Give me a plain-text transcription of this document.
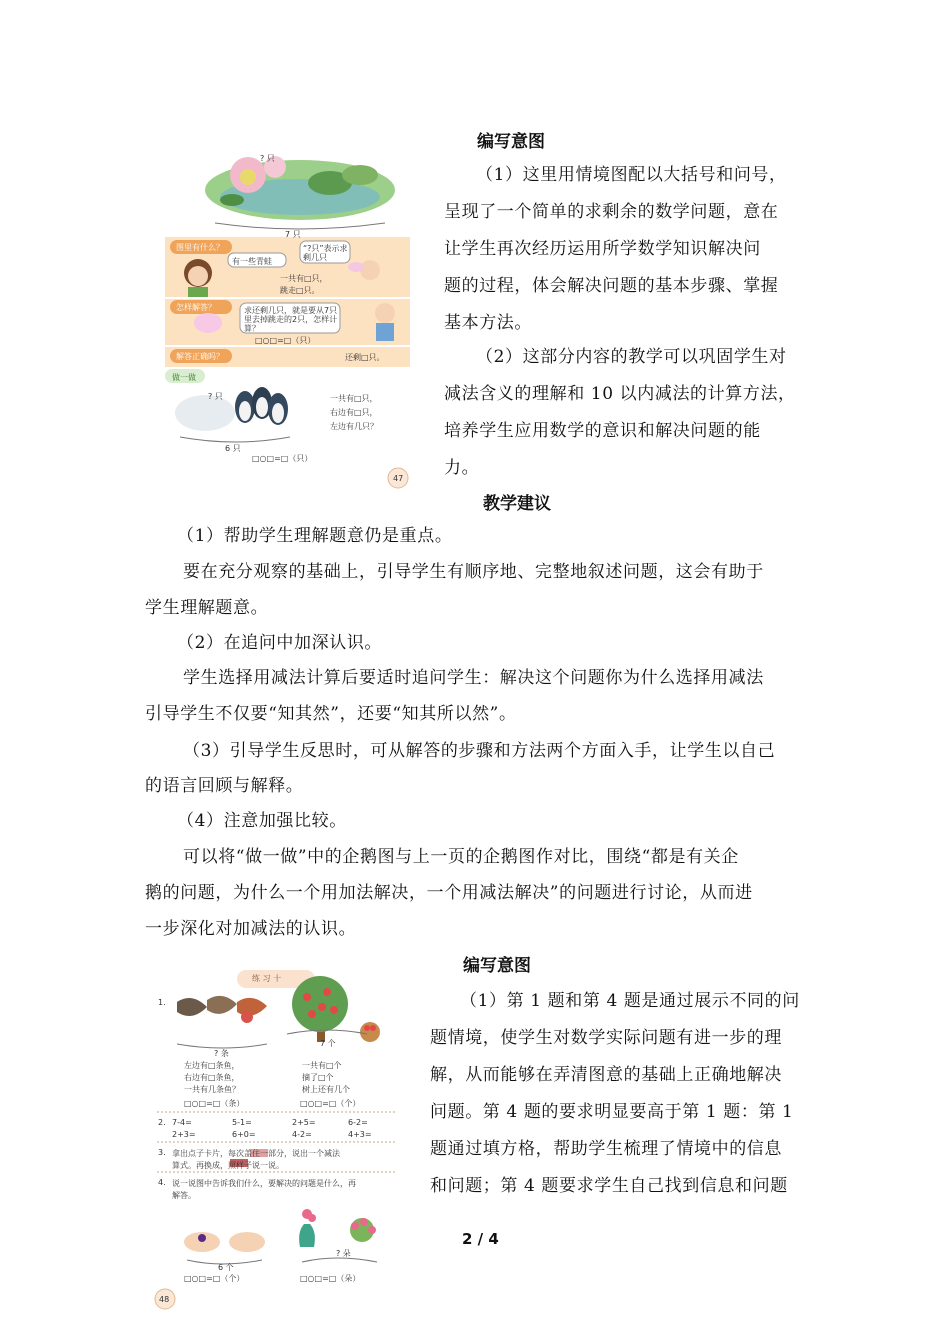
? 只
7 只
图里有什么？
怎样解答？
解答正确吗？
有一些青蛙
“?只”表示求剩几只
求还剩几只，就是要从7只里去掉跳走的2只，怎样计算？
一共有□只，
跳走□只。
□○□=□（只）
还剩□只。
做一做
? 只	一共有□只，
右边有□只，
左边有几只？
6 只
□○□=□（只）
47
编写意图
（1）这里用情境图配以大括号和问号，
呈现了一个简单的求剩余的数学问题，意在
让学生再次经历运用所学数学知识解决问
题的过程，体会解决问题的基本步骤、掌握
基本方法。
（2）这部分内容的教学可以巩固学生对
减法含义的理解和 10 以内减法的计算方法，
培养学生应用数学的意识和解决问题的能
力。
教学建议
（1）帮助学生理解题意仍是重点。
要在充分观察的基础上，引导学生有顺序地、完整地叙述问题，这会有助于
学生理解题意。
（2）在追问中加深认识。
学生选择用减法计算后要适时追问学生：解决这个问题你为什么选择用减法
引导学生不仅要“知其然”，还要“知其所以然”。
（3）引导学生反思时，可从解答的步骤和方法两个方面入手，让学生以自己
的语言回顾与解释。
（4）注意加强比较。
可以将“做一做”中的企鹅图与上一页的企鹅图作对比，围绕“都是有关企
鹅的问题，为什么一个用加法解决，一个用减法解决”的问题进行讨论，从而进
一步深化对加减法的认识。
练 习 十
1.
? 条
左边有□条鱼，
右边有□条鱼，
一共有几条鱼？
□○□=□（条）
7 个
一共有□个
摘了□个
树上还有几个
□○□=□（个）
2. 7-4=	5-1=	2+5=	6-2=
2+3=	6+0=	4-2=	4+3=
3. 拿出点子卡片，每次盖住一部分，说出一个减法
算式。再换成，照样子说一说。
4. 说一说图中告诉我们什么，要解决的问题是什么，再
解答。
6 个
□○□=□（个）
? 朵
□○□=□（朵）
48
编写意图
（1）第 1 题和第 4 题是通过展示不同的问
题情境，使学生对数学实际问题有进一步的理
解，从而能够在弄清图意的基础上正确地解决
问题。第 4 题的要求明显要高于第 1 题：第 1
题通过填方格，帮助学生梳理了情境中的信息
和问题；第 4 题要求学生自己找到信息和问题
2 / 4
